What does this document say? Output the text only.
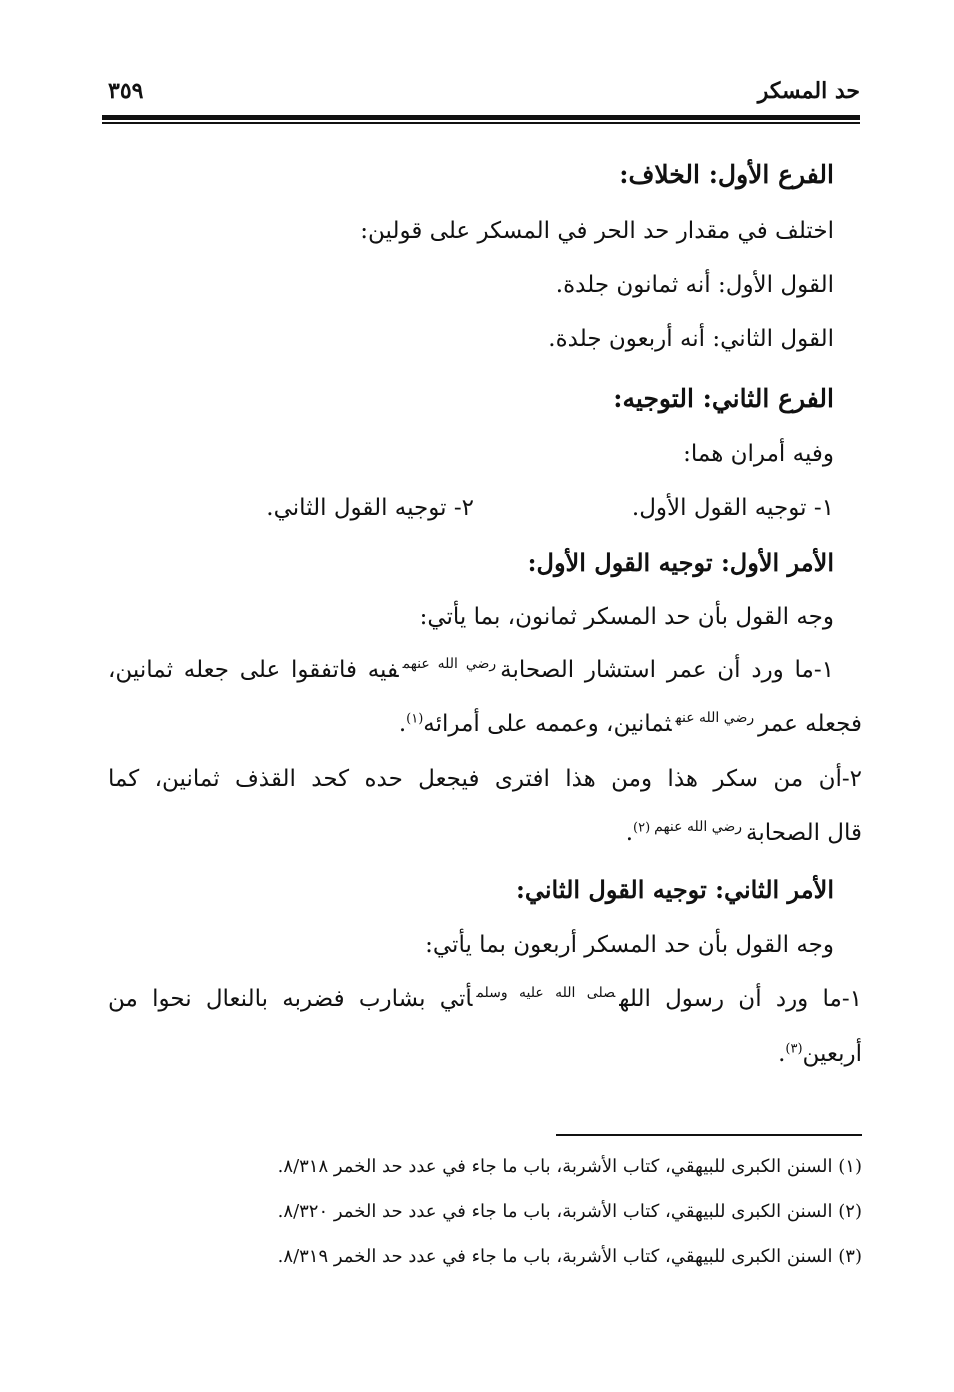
حد المسكر
٣٥٩
الفرع الأول: الخلاف:
اختلف في مقدار حد الحر في المسكر على قولين:
القول الأول: أنه ثمانون جلدة.
القول الثاني: أنه أربعون جلدة.
الفرع الثاني: التوجيه:
وفيه أمران هما:
١- توجيه القول الأول.
٢- توجيه القول الثاني.
الأمر الأول: توجيه القول الأول:
وجه القول بأن حد المسكر ثمانون، بما يأتي:
١-ما ورد أن عمر استشار الصحابة$^{رضي الله عنهم}$فيه فاتفقوا على جعله ثمانين،
فجعله عمر$^{رضي الله عنه}$ثمانين، وعممه على أمرائه$^{(١)}$.
٢-أن من سكر هذا ومن هذا افترى فيجعل حده كحد القذف ثمانين، كما
قال الصحابة$^{رضي الله عنهم(٢)}$.
الأمر الثاني: توجيه القول الثاني:
وجه القول بأن حد المسكر أربعون بما يأتي:
١-ما ورد أن رسول الله$^{صلى الله عليه وسلم}$أتي بشارب فضربه بالنعال نحوا من
أربعين$^{(٣)}$.
(١) السنن الكبرى للبيهقي، كتاب الأشربة، باب ما جاء في عدد حد الخمر ٨/٣١٨.
(٢) السنن الكبرى للبيهقي، كتاب الأشربة، باب ما جاء في عدد حد الخمر ٨/٣٢٠.
(٣) السنن الكبرى للبيهقي، كتاب الأشربة، باب ما جاء في عدد حد الخمر ٨/٣١٩.
